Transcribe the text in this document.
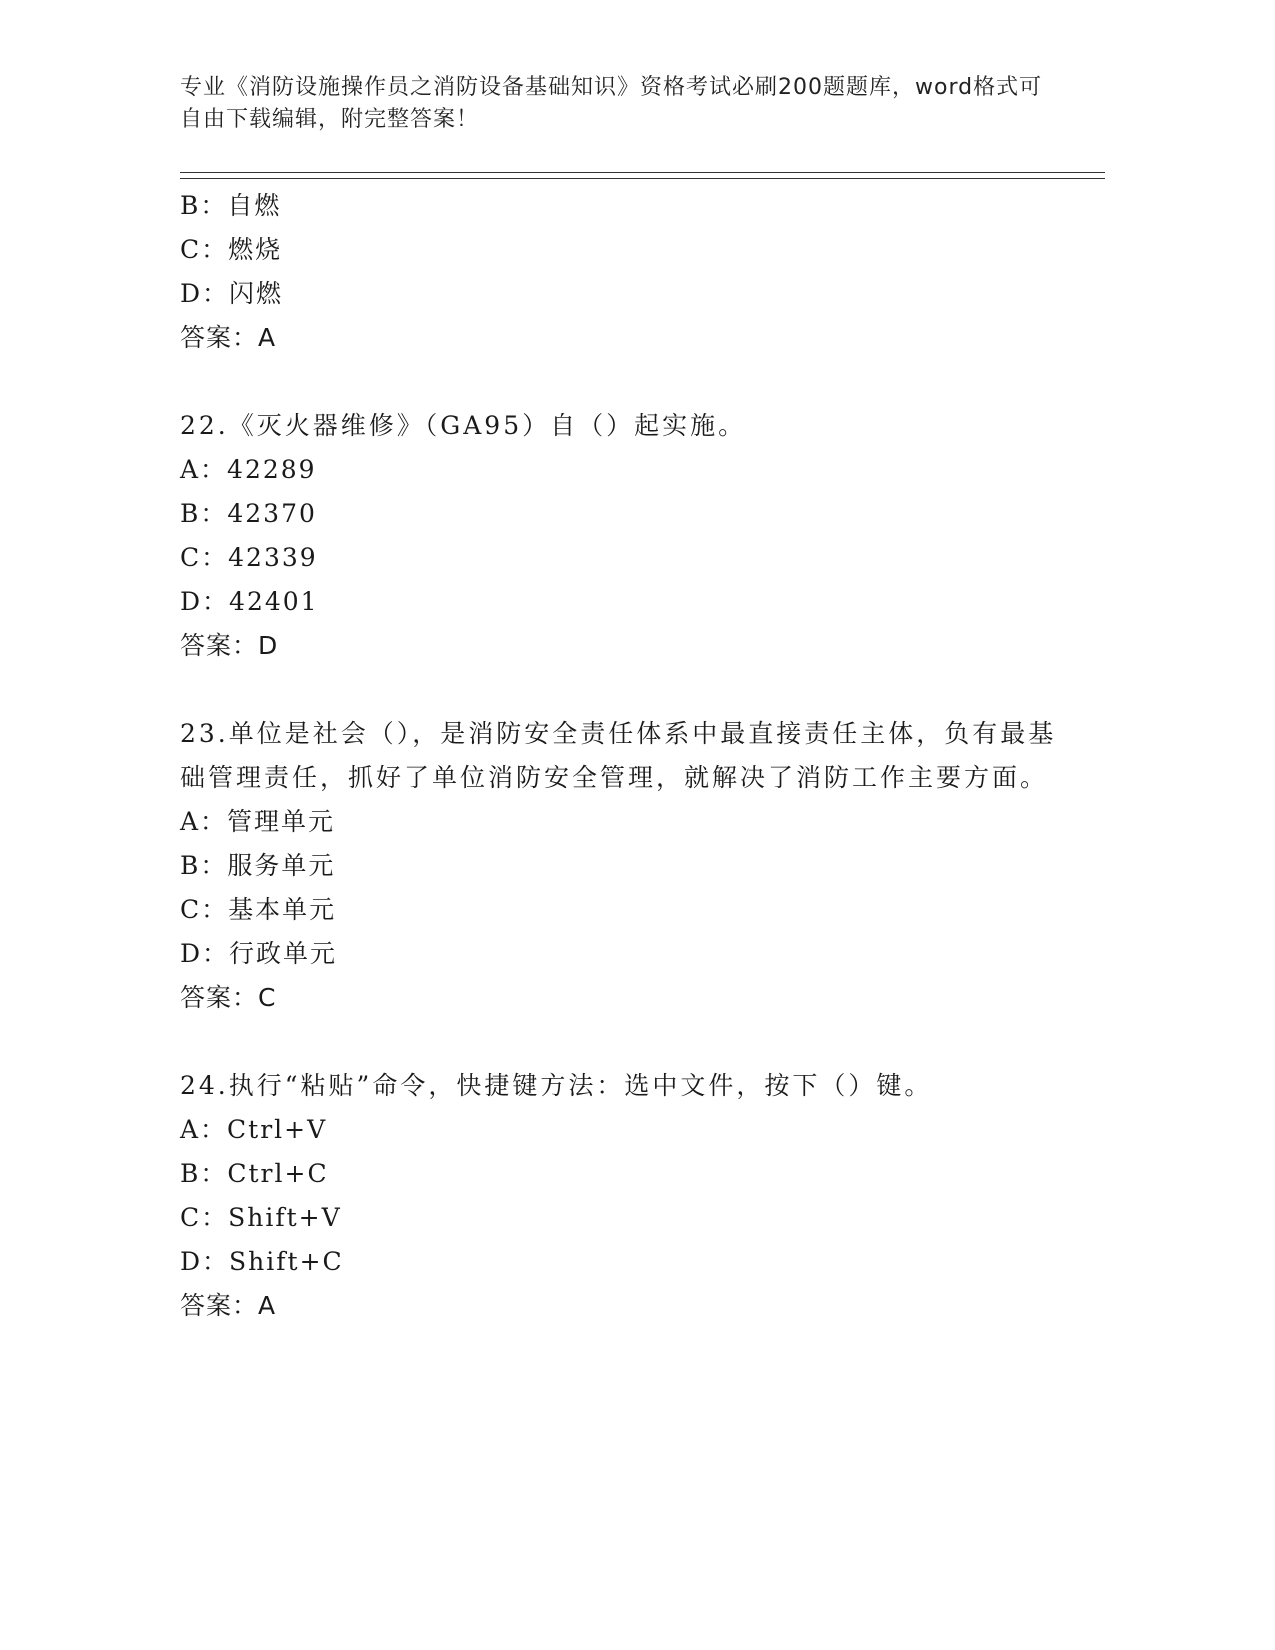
专业《消防设施操作员之消防设备基础知识》资格考试必刷200题题库，word格式可自由下载编辑，附完整答案！

B：自燃

C：燃烧

D：闪燃

答案：A

22.《灭火器维修》（GA95）自（）起实施。

A：42289

B：42370

C：42339

D：42401

答案：D

23.单位是社会（），是消防安全责任体系中最直接责任主体，负有最基础管理责任，抓好了单位消防安全管理，就解决了消防工作主要方面。

A：管理单元

B：服务单元

C：基本单元

D：行政单元

答案：C

24.执行“粘贴”命令，快捷键方法：选中文件，按下（）键。

A：Ctrl+V

B：Ctrl+C

C：Shift+V

D：Shift+C

答案：A
